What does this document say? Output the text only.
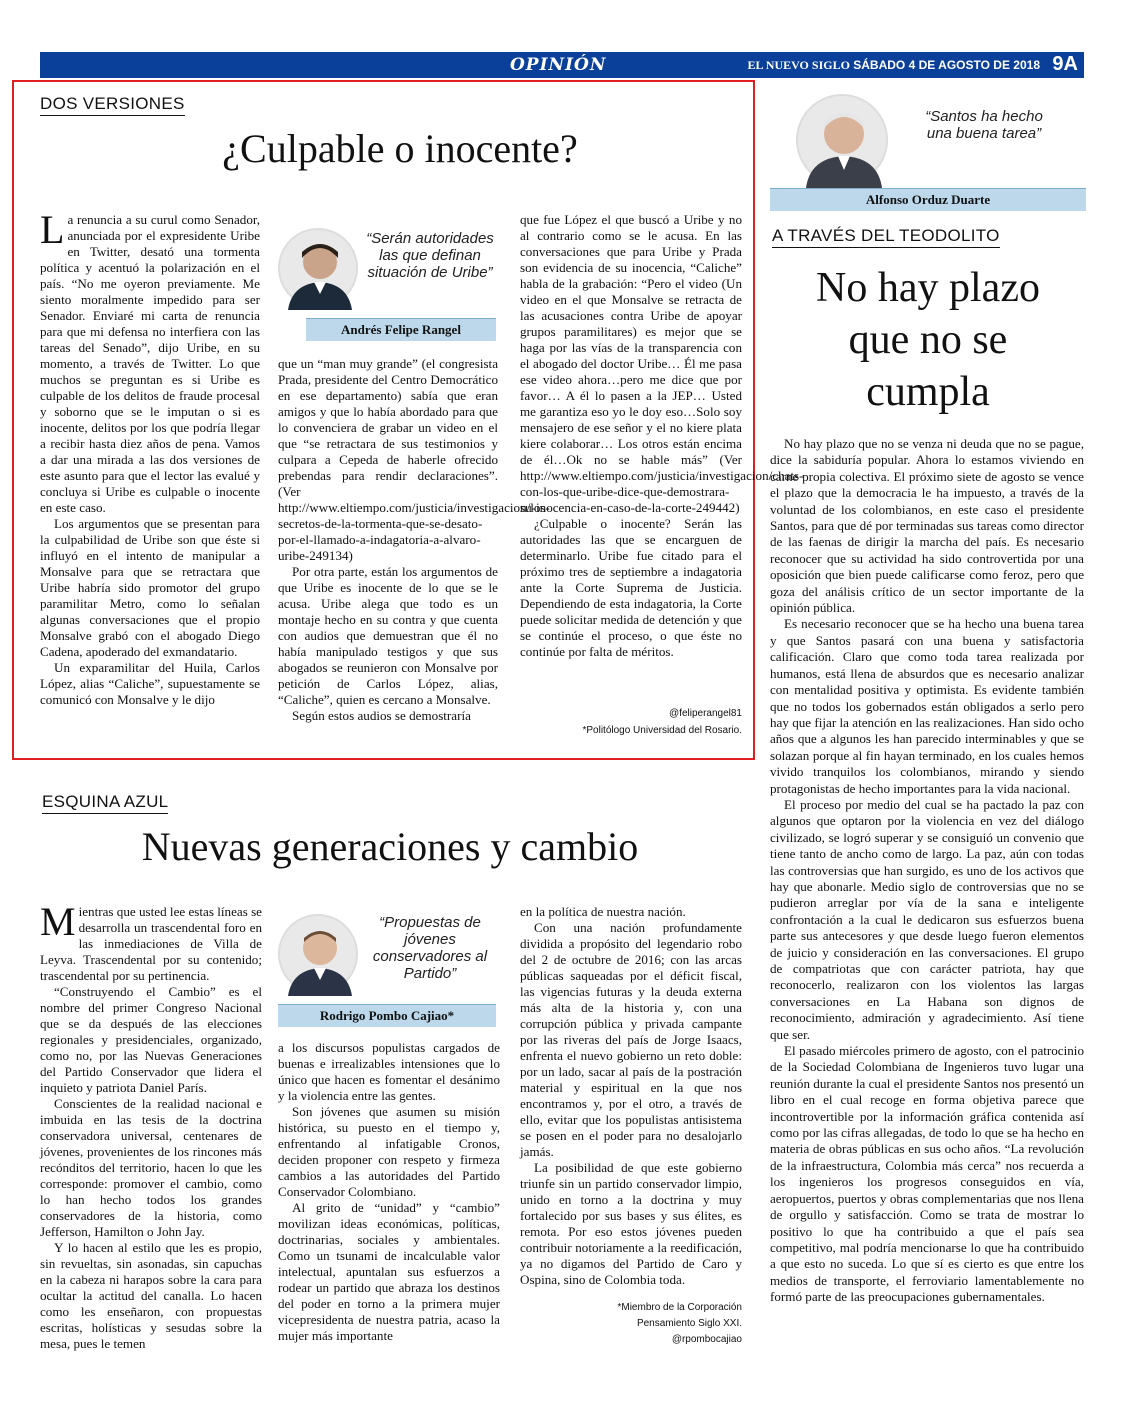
OPINIÓN	EL NUEVO SIGLO SÁBADO 4 DE AGOSTO DE 2018 9A
DOS VERSIONES
¿Culpable o inocente?

La renuncia a su curul como Senador, anunciada por el expresidente Uribe en Twitter, desató una tormenta política y acentuó la polarización en el país. “No me oyeron previamente. Me siento moralmente impedido para ser Senador. Enviaré mi carta de renuncia para que mi defensa no interfiera con las tareas del Senado”, dijo Uribe, en su momento, a través de Twitter. Lo que muchos se preguntan es si Uribe es culpable de los delitos de fraude procesal y soborno que se le imputan o si es inocente, delitos por los que podría llegar a recibir hasta diez años de pena. Vamos a dar una mirada a las dos versiones de este asunto para que el lector las evalué y concluya si Uribe es culpable o inocente en este caso.

Los argumentos que se presentan para la culpabilidad de Uribe son que éste si influyó en el intento de manipular a Monsalve para que se retractara que Uribe habría sido promotor del grupo paramilitar Metro, como lo señalan algunas conversaciones que el propio Monsalve grabó con el abogado Diego Cadena, apoderado del exmandatario.

Un exparamilitar del Huila, Carlos López, alias “Caliche”, supuestamente se comunicó con Monsalve y le dijo

“Serán autoridades las que definan situación de Uribe”
Andrés Felipe Rangel

que un “man muy grande” (el congresista Prada, presidente del Centro Democrático en ese departamento) sabía que eran amigos y que lo había abordado para que lo convenciera de grabar un video en el que “se retractara de sus testimonios y culpara a Cepeda de haberle ofrecido prebendas para rendir declaraciones”. (Ver http://www.eltiempo.com/justicia/investigacion/los-secretos-de-la-tormenta-que-se-desato-por-el-llamado-a-indagatoria-a-alvaro-uribe-249134)

Por otra parte, están los argumentos de que Uribe es inocente de lo que se le acusa. Uribe alega que todo es un montaje hecho en su contra y que cuenta con audios que demuestran que él no había manipulado testigos y que sus abogados se reunieron con Monsalve por petición de Carlos López, alias, “Caliche”, quien es cercano a Monsalve.

Según estos audios se demostraría

que fue López el que buscó a Uribe y no al contrario como se le acusa. En las conversaciones que para Uribe y Prada son evidencia de su inocencia, “Caliche” habla de la grabación: “Pero el video (Un video en el que Monsalve se retracta de las acusaciones contra Uribe de apoyar grupos paramilitares) es mejor que se haga por las vías de la transparencia con el abogado del doctor Uribe… Él me pasa ese video ahora…pero me dice que por favor… A él lo pasen a la JEP… Usted me garantiza eso yo le doy eso…Solo soy mensajero de ese señor y el no kiere plata kiere colaborar… Los otros están encima de él…Ok no se hable más” (Ver http://www.eltiempo.com/justicia/investigacion/chats-con-los-que-uribe-dice-que-demostrara-su-inocencia-en-caso-de-la-corte-249442)

¿Culpable o inocente? Serán las autoridades las que se encarguen de determinarlo. Uribe fue citado para el próximo tres de septiembre a indagatoria ante la Corte Suprema de Justicia. Dependiendo de esta indagatoria, la Corte puede solicitar medida de detención y que se continúe el proceso, o que éste no continúe por falta de méritos.

@feliperangel81
*Politólogo Universidad del Rosario.
“Santos ha hecho una buena tarea”
Alfonso Orduz Duarte
A TRAVÉS DEL TEODOLITO
No hay plazo
que no se
cumpla

No hay plazo que no se venza ni deuda que no se pague, dice la sabiduría popular. Ahora lo estamos viviendo en carne propia colectiva. El próximo siete de agosto se vence el plazo que la democracia le ha impuesto, a través de la voluntad de los colombianos, en este caso el presidente Santos, para que dé por terminadas sus tareas como director de las faenas de dirigir la marcha del país. Es necesario reconocer que su actividad ha sido controvertida por una oposición que bien puede calificarse como feroz, pero que goza del análisis crítico de un sector importante de la opinión pública.

Es necesario reconocer que se ha hecho una buena tarea y que Santos pasará con una buena y satisfactoria calificación. Claro que como toda tarea realizada por humanos, está llena de absurdos que es necesario analizar con mentalidad positiva y optimista. Es evidente también que no todos los gobernados están obligados a serlo pero hay que fijar la atención en las realizaciones. Han sido ocho años que a algunos les han parecido interminables y que se solazan porque al fin hayan terminado, en los cuales hemos vivido tranquilos los colombianos, mirando y siendo protagonistas de hecho importantes para la vida nacional.

El proceso por medio del cual se ha pactado la paz con algunos que optaron por la violencia en vez del diálogo civilizado, se logró superar y se consiguió un convenio que tiene tanto de ancho como de largo. La paz, aún con todas las controversias que han surgido, es uno de los activos que hay que abonarle. Medio siglo de controversias que no se pudieron arreglar por vía de la sana e inteligente confrontación a la cual le dedicaron sus esfuerzos buena parte sus antecesores y que desde luego fueron elementos de juicio y consideración en las conversaciones. El grupo de compatriotas que con carácter patriota, hay que reconocerlo, realizaron con los violentos las largas conversaciones en La Habana son dignos de reconocimiento, admiración y agradecimiento. Así tiene que ser.

El pasado miércoles primero de agosto, con el patrocinio de la Sociedad Colombiana de Ingenieros tuvo lugar una reunión durante la cual el presidente Santos nos presentó un libro en el cual recoge en forma objetiva parece que incontrovertible por la información gráfica contenida así como por las cifras allegadas, de todo lo que se ha hecho en materia de obras públicas en sus ocho años. “La revolución de la infraestructura, Colombia más cerca” nos recuerda a los ingenieros los progresos conseguidos en vía, aeropuertos, puertos y obras complementarias que nos llena de orgullo y satisfacción. Como se trata de mostrar lo positivo lo que ha contribuido a que el país sea competitivo, mal podría mencionarse lo que ha contribuido a que esto no suceda. Lo que sí es cierto es que entre los medios de transporte, el ferroviario lamentablemente no formó parte de las preocupaciones gubernamentales.

ESQUINA AZUL
Nuevas generaciones y cambio

Mientras que usted lee estas líneas se desarrolla un trascendental foro en las inmediaciones de Villa de Leyva. Trascendental por su contenido; trascendental por su pertinencia.

“Construyendo el Cambio” es el nombre del primer Congreso Nacional que se da después de las elecciones regionales y presidenciales, organizado, como no, por las Nuevas Generaciones del Partido Conservador que lidera el inquieto y patriota Daniel París.

Conscientes de la realidad nacional e imbuida en las tesis de la doctrina conservadora universal, centenares de jóvenes, provenientes de los rincones más recónditos del territorio, hacen lo que les corresponde: promover el cambio, como lo han hecho todos los grandes conservadores de la historia, como Jefferson, Hamilton o John Jay.

Y lo hacen al estilo que les es propio, sin revueltas, sin asonadas, sin capuchas en la cabeza ni harapos sobre la cara para ocultar la actitud del canalla. Lo hacen como les enseñaron, con propuestas escritas, holísticas y sesudas sobre la mesa, pues le temen

“Propuestas de jóvenes conservadores al Partido”
Rodrigo Pombo Cajiao*

a los discursos populistas cargados de buenas e irrealizables intensiones que lo único que hacen es fomentar el desánimo y la violencia entre las gentes.

Son jóvenes que asumen su misión histórica, su puesto en el tiempo y, enfrentando al infatigable Cronos, deciden proponer con respeto y firmeza cambios a las autoridades del Partido Conservador Colombiano.

Al grito de “unidad” y “cambio” movilizan ideas económicas, políticas, doctrinarias, sociales y ambientales. Como un tsunami de incalculable valor intelectual, apuntalan sus esfuerzos a rodear un partido que abraza los destinos del poder en torno a la primera mujer vicepresidenta de nuestra patria, acaso la mujer más importante

en la política de nuestra nación.

Con una nación profundamente dividida a propósito del legendario robo del 2 de octubre de 2016; con las arcas públicas saqueadas por el déficit fiscal, las vigencias futuras y la deuda externa más alta de la historia y, con una corrupción pública y privada campante por las riveras del país de Jorge Isaacs, enfrenta el nuevo gobierno un reto doble: por un lado, sacar al país de la postración material y espiritual en la que nos encontramos y, por el otro, a través de ello, evitar que los populistas antisistema se posen en el poder para no desalojarlo jamás.

La posibilidad de que este gobierno triunfe sin un partido conservador limpio, unido en torno a la doctrina y muy fortalecido por sus bases y sus élites, es remota. Por eso estos jóvenes pueden contribuir notoriamente a la reedificación, ya no digamos del Partido de Caro y Ospina, sino de Colombia toda.

*Miembro de la Corporación
Pensamiento Siglo XXI.
@rpombocajiao
